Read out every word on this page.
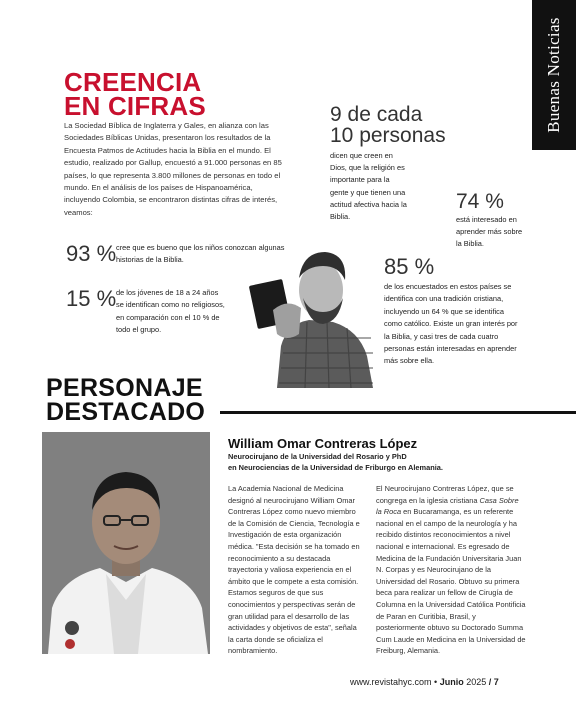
Buenas Noticias
CREENCIA
EN CIFRAS
La Sociedad Bíblica de Inglaterra y Gales, en alianza con las Sociedades Bíblicas Unidas, presentaron los resultados de la Encuesta Patmos de Actitudes hacia la Biblia en el mundo. El estudio, realizado por Gallup, encuestó a 91.000 personas en 85 países, lo que representa 3.800 millones de personas en todo el mundo. En el análisis de los países de Hispanoamérica, incluyendo Colombia, se encontraron distintas cifras de interés, veamos:
9 de cada
10 personas
dicen que creen en Dios, que la religión es importante para la gente y que tienen una actitud afectiva hacia la Biblia.
74 %
está interesado en aprender más sobre la Biblia.
93 % cree que es bueno que los niños conozcan algunas historias de la Biblia.
15 % de los jóvenes de 18 a 24 años se identifican como no religiosos, en comparación con el 10 % de todo el grupo.
85 %
de los encuestados en estos países se identifica con una tradición cristiana, incluyendo un 64 % que se identifica como católico. Existe un gran interés por la Biblia, y casi tres de cada cuatro personas están interesadas en aprender más sobre ella.
PERSONAJE
DESTACADO
William Omar Contreras López
Neurocirujano de la Universidad del Rosario y PhD
en Neurociencias de la Universidad de Friburgo en Alemania.
La Academia Nacional de Medicina designó al neurocirujano William Omar Contreras López como nuevo miembro de la Comisión de Ciencia, Tecnología e Investigación de esta organización médica. "Esta decisión se ha tomado en reconocimiento a su destacada trayectoria y valiosa experiencia en el ámbito que le compete a esta comisión. Estamos seguros de que sus conocimientos y perspectivas serán de gran utilidad para el desarrollo de las actividades y objetivos de esta", señala la carta donde se oficializa el nombramiento.
El Neurocirujano Contreras López, que se congrega en la iglesia cristiana Casa Sobre la Roca en Bucaramanga, es un referente nacional en el campo de la neurología y ha recibido distintos reconocimientos a nivel nacional e internacional. Es egresado de Medicina de la Fundación Universitaria Juan N. Corpas y es Neurocirujano de la Universidad del Rosario. Obtuvo su primera beca para realizar un fellow de Cirugía de Columna en la Universidad Católica Pontificia de Paran en Curitibia, Brasil, y posteriormente obtuvo su Doctorado Summa Cum Laude en Medicina en la Universidad de Freiburg, Alemania.
www.revistahyc.com • Junio 2025 / 7
